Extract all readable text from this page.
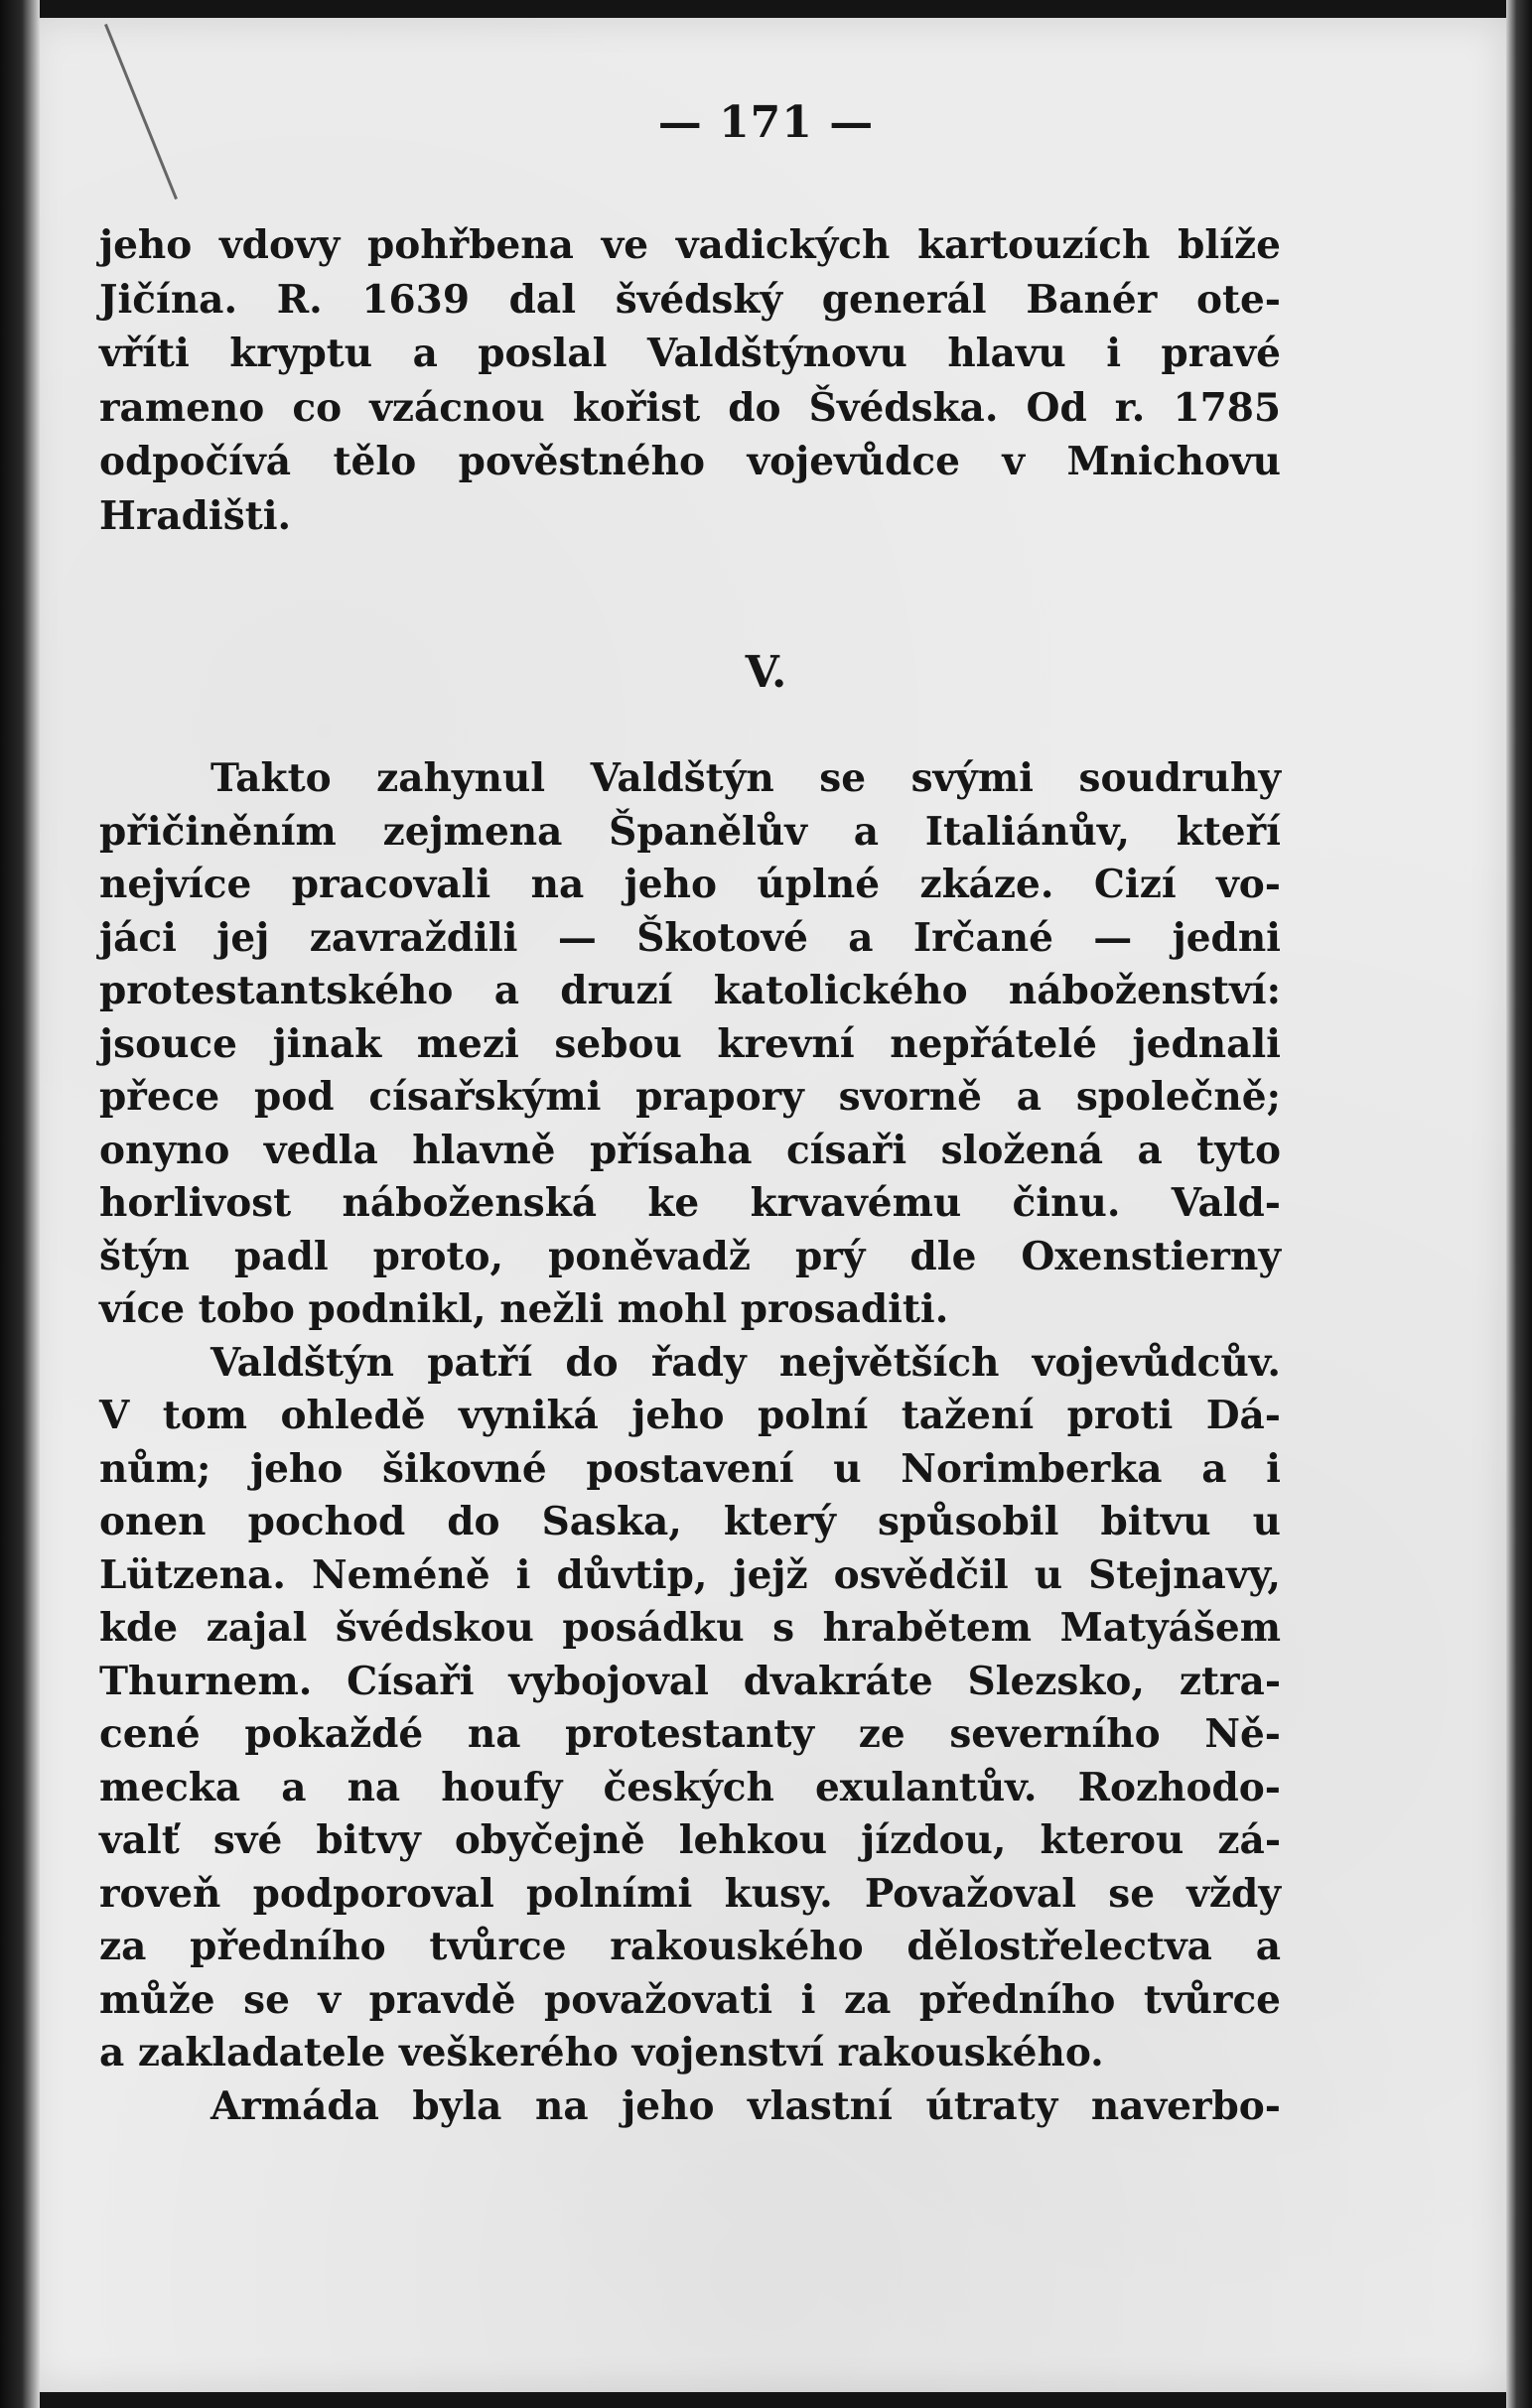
— 171 —
jeho vdovy pohřbena ve vadických kartouzích blíže
Jičína. R. 1639 dal švédský generál Banér ote-
vříti kryptu a poslal Valdštýnovu hlavu i pravé
rameno co vzácnou kořist do Švédska. Od r. 1785
odpočívá tělo pověstného vojevůdce v Mnichovu
Hradišti.
V.
Takto zahynul Valdštýn se svými soudruhy
přičiněním zejmena Španělův a Italiánův, kteří
nejvíce pracovali na jeho úplné zkáze. Cizí vo-
jáci jej zavraždili — Škotové a Irčané — jedni
protestantského a druzí katolického náboženství:
jsouce jinak mezi sebou krevní nepřátelé jednali
přece pod císařskými prapory svorně a společně;
onyno vedla hlavně přísaha císaři složená a tyto
horlivost náboženská ke krvavému činu. Vald-
štýn padl proto, poněvadž prý dle Oxenstierny
více tobo podnikl, nežli mohl prosaditi.
Valdštýn patří do řady největších vojevůdcův.
V tom ohledě vyniká jeho polní tažení proti Dá-
nům; jeho šikovné postavení u Norimberka a i
onen pochod do Saska, který spůsobil bitvu u
Lützena. Neméně i důvtip, jejž osvědčil u Stejnavy,
kde zajal švédskou posádku s hrabětem Matyášem
Thurnem. Císaři vybojoval dvakráte Slezsko, ztra-
cené pokaždé na protestanty ze severního Ně-
mecka a na houfy českých exulantův. Rozhodo-
valť své bitvy obyčejně lehkou jízdou, kterou zá-
roveň podporoval polními kusy. Považoval se vždy
za předního tvůrce rakouského dělostřelectva a
může se v pravdě považovati i za předního tvůrce
a zakladatele veškerého vojenství rakouského.
Armáda byla na jeho vlastní útraty naverbo-
